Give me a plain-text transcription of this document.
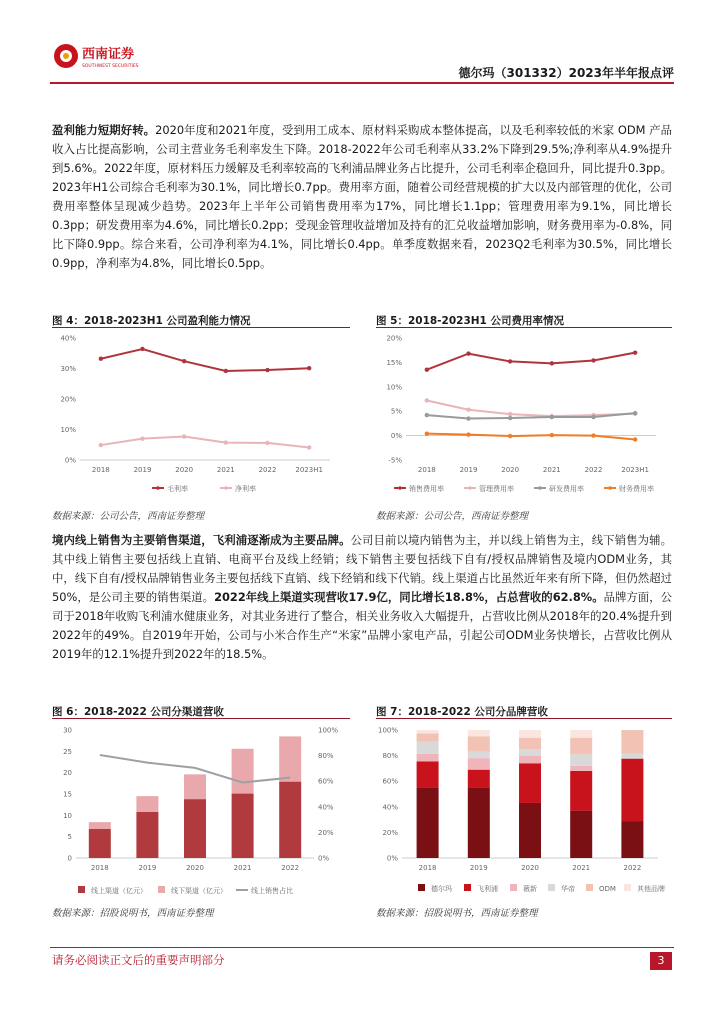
西南证券
SOUTHWEST SECURITIES	德尔玛（301332）2023年半年报点评
盈利能力短期好转。2020年度和2021年度，受到用工成本、原材料采购成本整体提高，以及毛利率较低的米家 ODM 产品收入占比提高影响，公司主营业务毛利率发生下降。2018-2022年公司毛利率从33.2%下降到29.5%;净利率从4.9%提升到5.6%。2022年度，原材料压力缓解及毛利率较高的飞利浦品牌业务占比提升，公司毛利率企稳回升，同比提升0.3pp。2023年H1公司综合毛利率为30.1%，同比增长0.7pp。费用率方面，随着公司经营规模的扩大以及内部管理的优化，公司费用率整体呈现减少趋势。2023年上半年公司销售费用率为17%，同比增长1.1pp；管理费用率为9.1%，同比增长0.3pp；研发费用率为4.6%，同比增长0.2pp；受现金管理收益增加及持有的汇兑收益增加影响，财务费用率为-0.8%，同比下降0.9pp。综合来看，公司净利率为4.1%，同比增长0.4pp。单季度数据来看，2023Q2毛利率为30.5%，同比增长0.9pp，净利率为4.8%，同比增长0.5pp。
图 4：2018-2023H1 公司盈利能力情况
0%
10%
20%
30%
40%
2018	2019	2020	2021	2022	2023H1
毛利率	净利率
数据来源：公司公告，西南证券整理
图 5：2018-2023H1 公司费用率情况
-5%
0%
5%
10%
15%
20%
2018	2019	2020	2021	2022	2023H1
销售费用率	管理费用率	研发费用率	财务费用率
数据来源：公司公告，西南证券整理
境内线上销售为主要销售渠道，飞利浦逐渐成为主要品牌。公司目前以境内销售为主，并以线上销售为主，线下销售为辅。其中线上销售主要包括线上直销、电商平台及线上经销；线下销售主要包括线下自有/授权品牌销售及境内ODM业务，其中，线下自有/授权品牌销售业务主要包括线下直销、线下经销和线下代销。线上渠道占比虽然近年来有所下降，但仍然超过50%，是公司主要的销售渠道。2022年线上渠道实现营收17.9亿，同比增长18.8%，占总营收的62.8%。品牌方面，公司于2018年收购飞利浦水健康业务，对其业务进行了整合，相关业务收入大幅提升，占营收比例从2018年的20.4%提升到2022年的49%。自2019年开始，公司与小米合作生产“米家”品牌小家电产品，引起公司ODM业务快增长，占营收比例从2019年的12.1%提升到2022年的18.5%。
图 6：2018-2022 公司分渠道营收
0
5
10
15
20
25
30
0%
20%
40%
60%
80%
100%
2018	2019	2020	2021	2022
线上渠道（亿元）	线下渠道（亿元）	线上销售占比
数据来源：招股说明书，西南证券整理
图 7：2018-2022 公司分品牌营收
0%
20%
40%
60%
80%
100%
2018	2019	2020	2021	2022
德尔玛	飞利浦	薇新	华帝	ODM	其他品牌
数据来源：招股说明书，西南证券整理
请务必阅读正文后的重要声明部分	3
